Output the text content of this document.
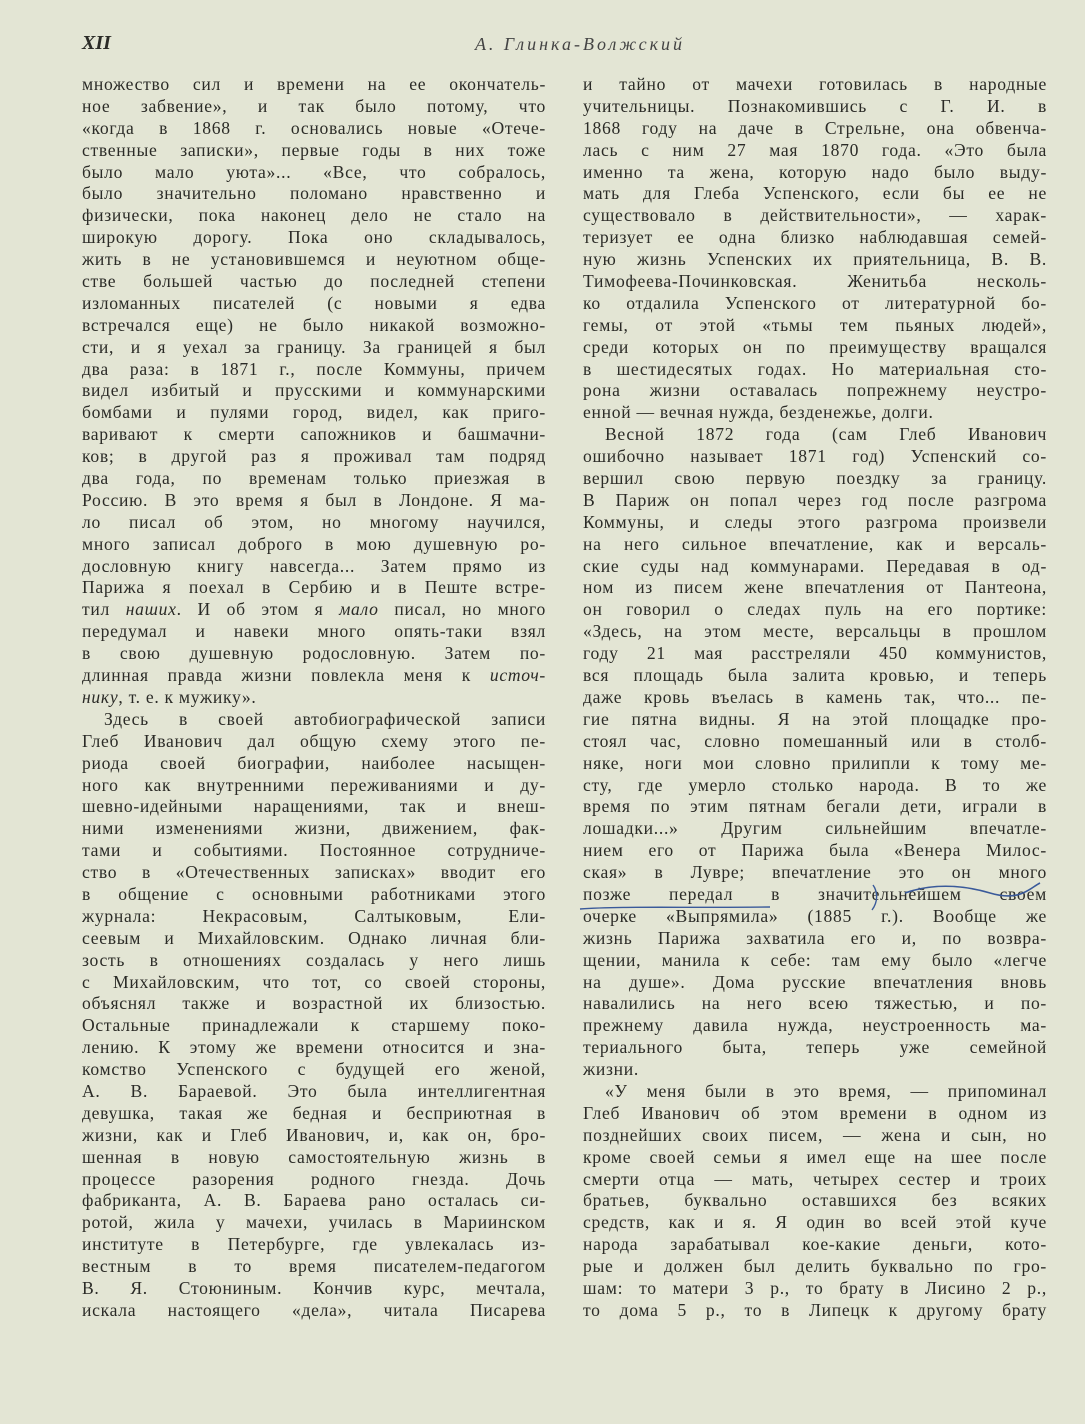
XII	А. Глинка-Волжский
множество сил и времени на ее окончатель-
ное забвение», и так было потому, что
«когда в 1868 г. основались новые «Отече-
ственные записки», первые годы в них тоже
было мало уюта»... «Все, что собралось,
было значительно поломано нравственно и
физически, пока наконец дело не стало на
широкую дорогу. Пока оно складывалось,
жить в не установившемся и неуютном обще-
стве большей частью до последней степени
изломанных писателей (с новыми я едва
встречался еще) не было никакой возможно-
сти, и я уехал за границу. За границей я был
два раза: в 1871 г., после Коммуны, причем
видел избитый и прусскими и коммунарскими
бомбами и пулями город, видел, как приго-
варивают к смерти сапожников и башмачни-
ков; в другой раз я проживал там подряд
два года, по временам только приезжая в
Россию. В это время я был в Лондоне. Я ма-
ло писал об этом, но многому научился,
много записал доброго в мою душевную ро-
дословную книгу навсегда... Затем прямо из
Парижа я поехал в Сербию и в Пеште встре-
тил наших. И об этом я мало писал, но много
передумал и навеки много опять-таки взял
в свою душевную родословную. Затем по-
длинная правда жизни повлекла меня к источ-
нику, т. е. к мужику».
Здесь в своей автобиографической записи
Глеб Иванович дал общую схему этого пе-
риода своей биографии, наиболее насыщен-
ного как внутренними переживаниями и ду-
шевно-идейными наращениями, так и внеш-
ними изменениями жизни, движением, фак-
тами и событиями. Постоянное сотрудниче-
ство в «Отечественных записках» вводит его
в общение с основными работниками этого
журнала: Некрасовым, Салтыковым, Ели-
сеевым и Михайловским. Однако личная бли-
зость в отношениях создалась у него лишь
с Михайловским, что тот, со своей стороны,
объяснял также и возрастной их близостью.
Остальные принадлежали к старшему поко-
лению. К этому же времени относится и зна-
комство Успенского с будущей его женой,
А. В. Бараевой. Это была интеллигентная
девушка, такая же бедная и бесприютная в
жизни, как и Глеб Иванович, и, как он, бро-
шенная в новую самостоятельную жизнь в
процессе разорения родного гнезда. Дочь
фабриканта, А. В. Бараева рано осталась си-
ротой, жила у мачехи, училась в Мариинском
институте в Петербурге, где увлекалась из-
вестным в то время писателем-педагогом
В. Я. Стоюниным. Кончив курс, мечтала,
искала настоящего «дела», читала Писарева
и тайно от мачехи готовилась в народные
учительницы. Познакомившись с Г. И. в
1868 году на даче в Стрельне, она обвенча-
лась с ним 27 мая 1870 года. «Это была
именно та жена, которую надо было выду-
мать для Глеба Успенского, если бы ее не
существовало в действительности», — харак-
теризует ее одна близко наблюдавшая семей-
ную жизнь Успенских их приятельница, В. В.
Тимофеева-Починковская. Женитьба несколь-
ко отдалила Успенского от литературной бо-
гемы, от этой «тьмы тем пьяных людей»,
среди которых он по преимуществу вращался
в шестидесятых годах. Но материальная сто-
рона жизни оставалась попрежнему неустро-
енной — вечная нужда, безденежье, долги.
Весной 1872 года (сам Глеб Иванович
ошибочно называет 1871 год) Успенский со-
вершил свою первую поездку за границу.
В Париж он попал через год после разгрома
Коммуны, и следы этого разгрома произвели
на него сильное впечатление, как и версаль-
ские суды над коммунарами. Передавая в од-
ном из писем жене впечатления от Пантеона,
он говорил о следах пуль на его портике:
«Здесь, на этом месте, версальцы в прошлом
году 21 мая расстреляли 450 коммунистов,
вся площадь была залита кровью, и теперь
даже кровь въелась в камень так, что... пе-
гие пятна видны. Я на этой площадке про-
стоял час, словно помешанный или в столб-
няке, ноги мои словно прилипли к тому ме-
сту, где умерло столько народа. В то же
время по этим пятнам бегали дети, играли в
лошадки...» Другим сильнейшим впечатле-
нием его от Парижа была «Венера Милос-
ская» в Лувре; впечатление это он много
позже передал в значительнейшем своем
очерке «Выпрямила» (1885 г.). Вообще же
жизнь Парижа захватила его и, по возвра-
щении, манила к себе: там ему было «легче
на душе». Дома русские впечатления вновь
навалились на него всею тяжестью, и по-
прежнему давила нужда, неустроенность ма-
териального быта, теперь уже семейной
жизни.
«У меня были в это время, — припоминал
Глеб Иванович об этом времени в одном из
позднейших своих писем, — жена и сын, но
кроме своей семьи я имел еще на шее после
смерти отца — мать, четырех сестер и троих
братьев, буквально оставшихся без всяких
средств, как и я. Я один во всей этой куче
народа зарабатывал кое-какие деньги, кото-
рые и должен был делить буквально по гро-
шам: то матери 3 р., то брату в Лисино 2 р.,
то дома 5 р., то в Липецк к другому брату
